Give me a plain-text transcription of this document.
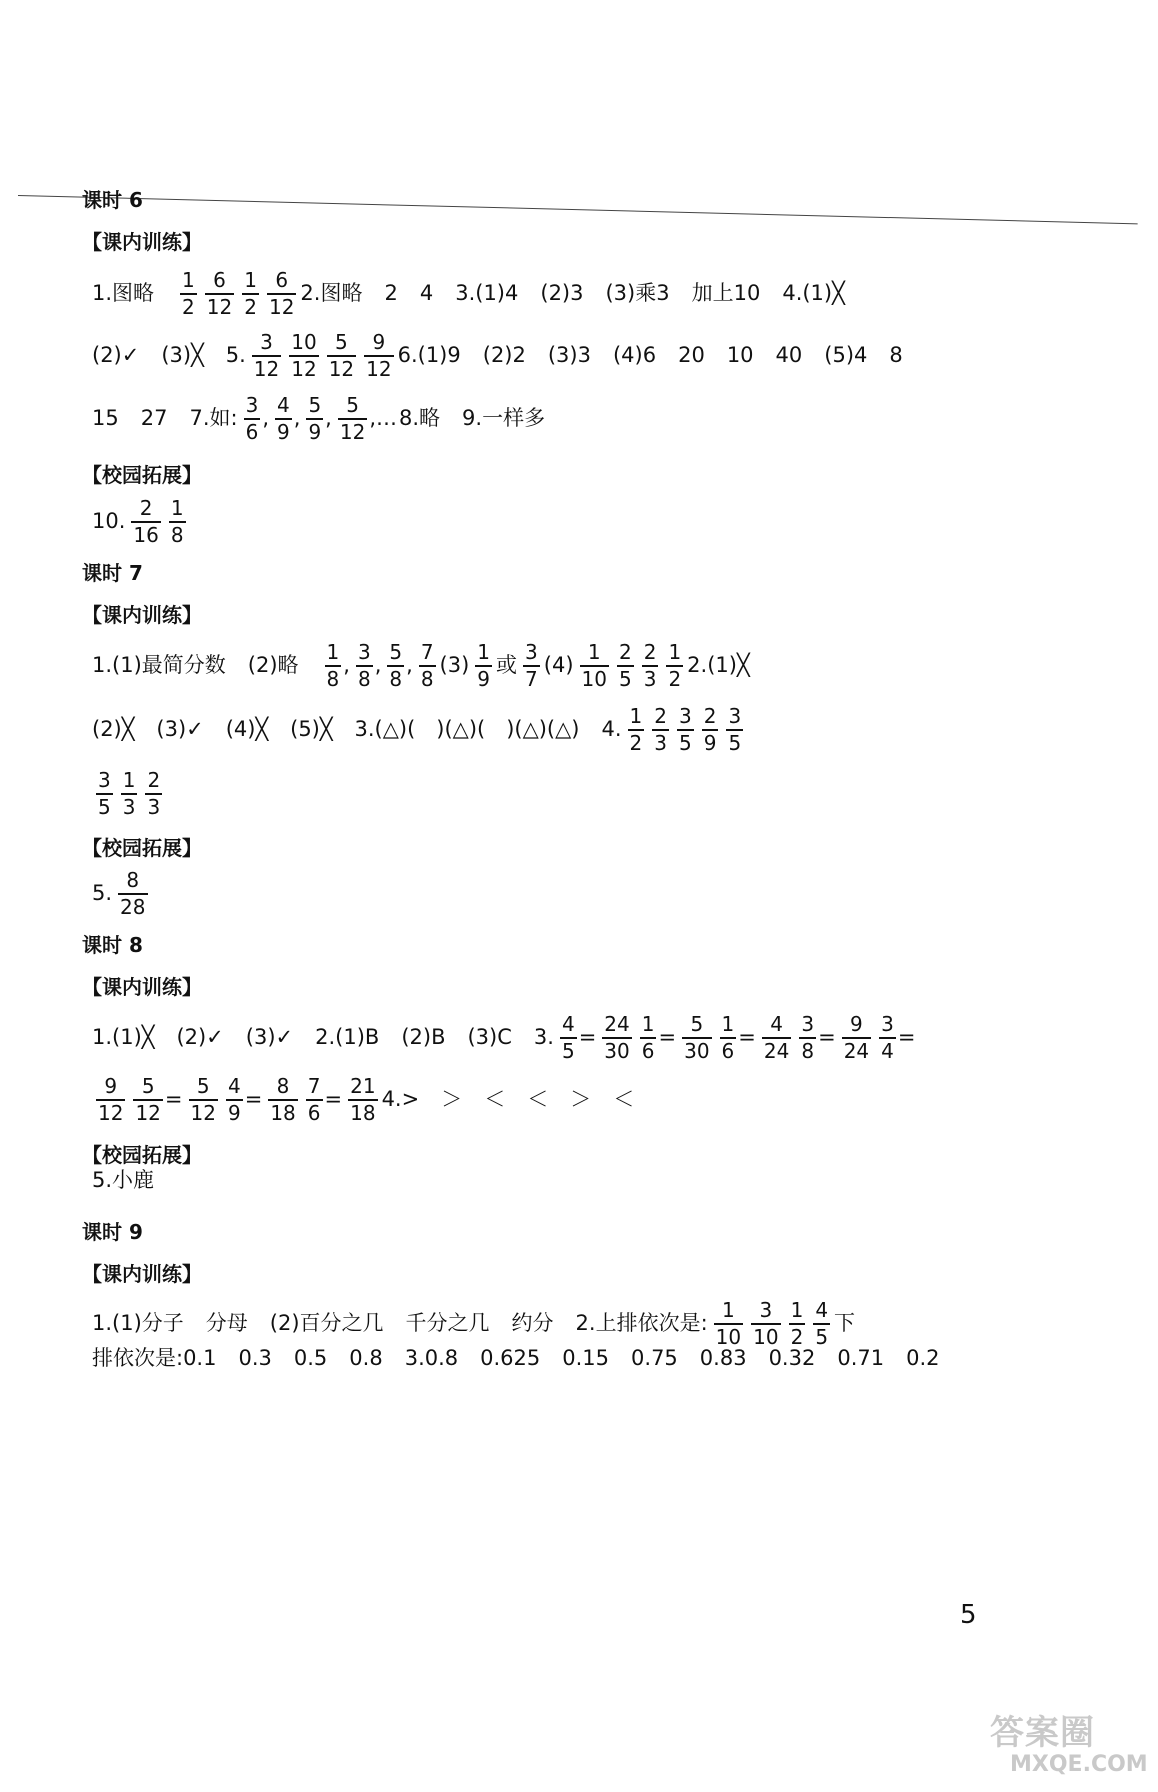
课时 6
【课内训练】
1.图略 $\frac{1}{2} \frac{6}{12} \frac{1}{2} \frac{6}{12} 2$.图略 2 4 3.(1)4 (2)3 (3)乘3 加上10 4.(1)╳
(2)✓ (3)╳ 5. $\frac{3}{12} \frac{10}{12} \frac{5}{12} \frac{9}{12} 6.(1)9$ (2)2 (3)3 (4)6 20 10 40 (5)4 8
15 27 7.如: $\frac{3}{6}$ , $\frac{4}{9}$ , $\frac{5}{9}$ , $\frac{5}{12}$ ,… 8.略 9.一样多
【校园拓展】
10. $\frac{2}{16} \frac{1}{8}$
课时 7
【课内训练】
1.(1)最简分数 (2)略 $\frac{1}{8}$ , $\frac{3}{8}$ , $\frac{5}{8}$ , $\frac{7}{8} (3) \frac{1}{9}$ 或 $\frac{3}{7} (4) \frac{1}{10} \frac{2}{5} \frac{2}{3} \frac{1}{2}$ 2.(1)╳
(2)╳ (3)✓ (4)╳ (5)╳ 3.(△)(　)(△)(　)(△)(△) 4. $\frac{1}{2} \frac{2}{3} \frac{3}{5} \frac{2}{9} \frac{3}{5}$
$\frac{3}{5} \frac{1}{3} \frac{2}{3}$
【校园拓展】
5. $\frac{8}{28}$
课时 8
【课内训练】
1.(1)╳ (2)✓ (3)✓ 2.(1)B (2)B (3)C 3. $\frac{4}{5} = \frac{24}{30} \frac{1}{6} = \frac{5}{30} \frac{1}{6} = \frac{4}{24} \frac{3}{8} = \frac{9}{24} \frac{3}{4}$ =
$\frac{9}{12} \frac{5}{12} = \frac{5}{12} \frac{4}{9} = \frac{8}{18} \frac{7}{6} = \frac{21}{18} 4.>$ ＞ ＜ ＜ ＞ ＜
【校园拓展】
5.小鹿
课时 9
【课内训练】
1.(1)分子 分母 (2)百分之几 千分之几 约分 2.上排依次是: $\frac{1}{10} \frac{3}{10} \frac{1}{2} \frac{4}{5}$ 下
排依次是:0.1 0.3 0.5 0.8 3.0.8 0.625 0.15 0.75 0.83 0.32 0.71 0.2
5
答案圈
MXQE.COM
